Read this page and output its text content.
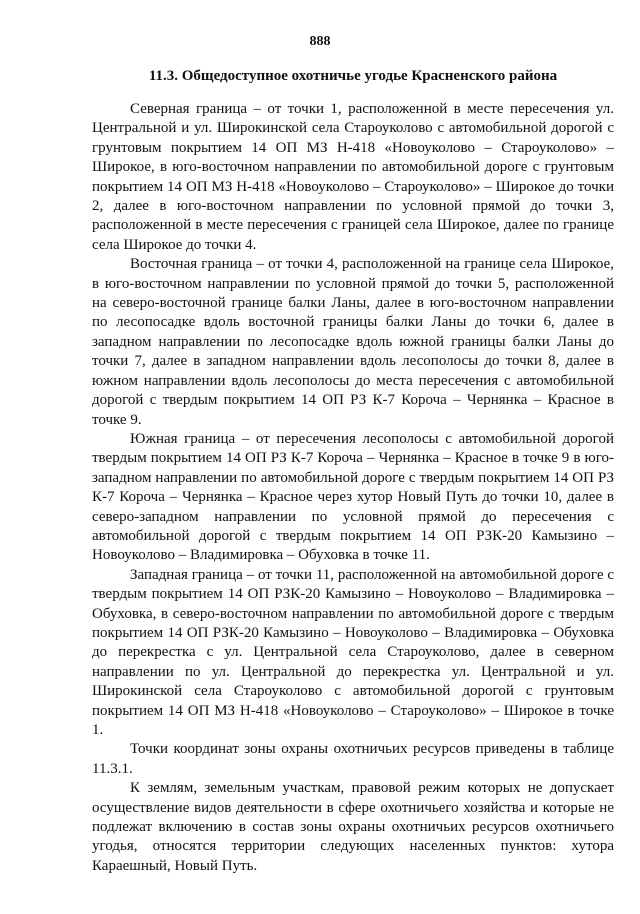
888
11.3. Общедоступное охотничье угодье Красненского района

Северная граница – от точки 1, расположенной в месте пересечения ул. Центральной и ул. Широкинской села Староуколово с автомобильной дорогой с грунтовым покрытием 14 ОП МЗ Н-418 «Новоуколово – Староуколово» – Широкое, в юго-восточном направлении по автомобильной дороге с грунтовым покрытием 14 ОП МЗ Н-418 «Новоуколово – Староуколово» – Широкое до точки 2, далее в юго-восточном направлении по условной прямой до точки 3, расположенной в месте пересечения с границей села Широкое, далее по границе села Широкое до точки 4.

Восточная граница – от точки 4, расположенной на границе села Широкое, в юго-восточном направлении по условной прямой до точки 5, расположенной на северо-восточной границе балки Ланы, далее в юго-восточном направлении по лесопосадке вдоль восточной границы балки Ланы до точки 6, далее в западном направлении по лесопосадке вдоль южной границы балки Ланы до точки 7, далее в западном направлении вдоль лесополосы до точки 8, далее в южном направлении вдоль лесополосы до места пересечения с автомобильной дорогой с твердым покрытием 14 ОП РЗ К-7 Короча – Чернянка – Красное в точке 9.

Южная граница – от пересечения лесополосы с автомобильной дорогой твердым покрытием 14 ОП РЗ К-7 Короча – Чернянка – Красное в точке 9 в юго-западном направлении по автомобильной дороге с твердым покрытием 14 ОП РЗ К-7 Короча – Чернянка – Красное через хутор Новый Путь до точки 10, далее в северо-западном направлении по условной прямой до пересечения с автомобильной дорогой с твердым покрытием 14 ОП РЗК-20 Камызино – Новоуколово – Владимировка – Обуховка в точке 11.

Западная граница – от точки 11, расположенной на автомобильной дороге с твердым покрытием 14 ОП РЗК-20 Камызино – Новоуколово – Владимировка – Обуховка, в северо-восточном направлении по автомобильной дороге с твердым покрытием 14 ОП РЗК-20 Камызино – Новоуколово – Владимировка – Обуховка до перекрестка с ул. Центральной села Староуколово, далее в северном направлении по ул. Центральной до перекрестка ул. Центральной и ул. Широкинской села Староуколово с автомобильной дорогой с грунтовым покрытием 14 ОП МЗ Н-418 «Новоуколово – Староуколово» – Широкое в точке 1.

Точки координат зоны охраны охотничьих ресурсов приведены в таблице 11.3.1.

К землям, земельным участкам, правовой режим которых не допускает осуществление видов деятельности в сфере охотничьего хозяйства и которые не подлежат включению в состав зоны охраны охотничьих ресурсов охотничьего угодья, относятся территории следующих населенных пунктов: хутора Караешный, Новый Путь.
